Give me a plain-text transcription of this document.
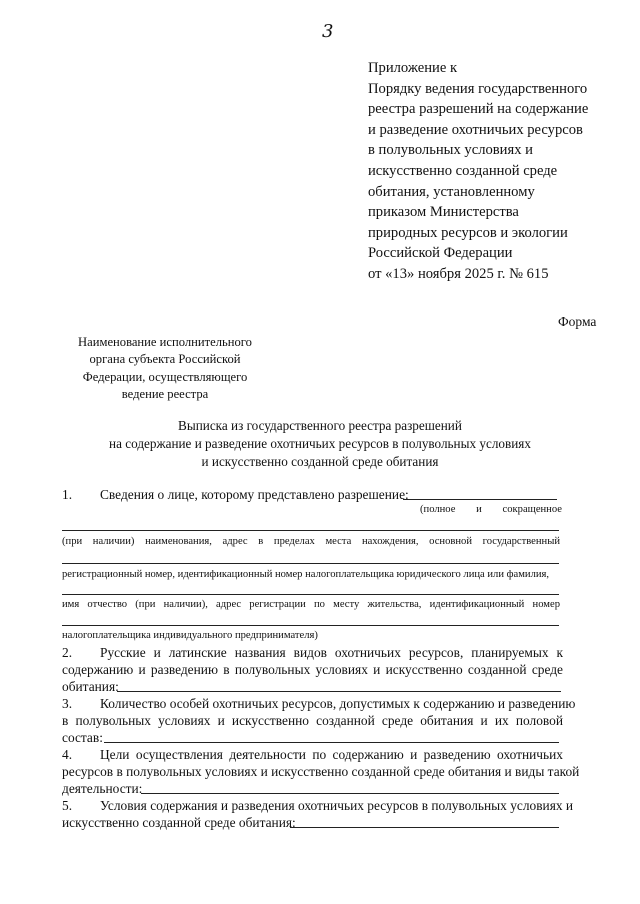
3
Приложение к
Порядку ведения государственного
реестра разрешений на содержание
и разведение охотничьих ресурсов
в полувольных условиях и
искусственно созданной среде
обитания, установленному
приказом Министерства
природных ресурсов и экологии
Российской Федерации
от «13» ноября 2025 г. № 615
Форма
Наименование исполнительного
органа субъекта Российской
Федерации, осуществляющего
ведение реестра
Выписка из государственного реестра разрешений
на содержание и разведение охотничьих ресурсов в полувольных условиях
и искусственно созданной среде обитания
1. Сведения о лице, которому представлено разрешение:
(полное и сокращенное
(при наличии) наименования, адрес в пределах места нахождения, основной государственный
регистрационный номер, идентификационный номер налогоплательщика юридического лица или фамилия,
имя отчество (при наличии), адрес регистрации по месту жительства, идентификационный номер
налогоплательщика индивидуального предпринимателя)
2. Русские и латинские названия видов охотничьих ресурсов, планируемых к
содержанию и разведению в полувольных условиях и искусственно созданной среде
обитания:
3. Количество особей охотничьих ресурсов, допустимых к содержанию и разведению
в полувольных условиях и искусственно созданной среде обитания и их половой
состав:
4. Цели осуществления деятельности по содержанию и разведению охотничьих
ресурсов в полувольных условиях и искусственно созданной среде обитания и виды такой
деятельности:
5. Условия содержания и разведения охотничьих ресурсов в полувольных условиях и
искусственно созданной среде обитания:
